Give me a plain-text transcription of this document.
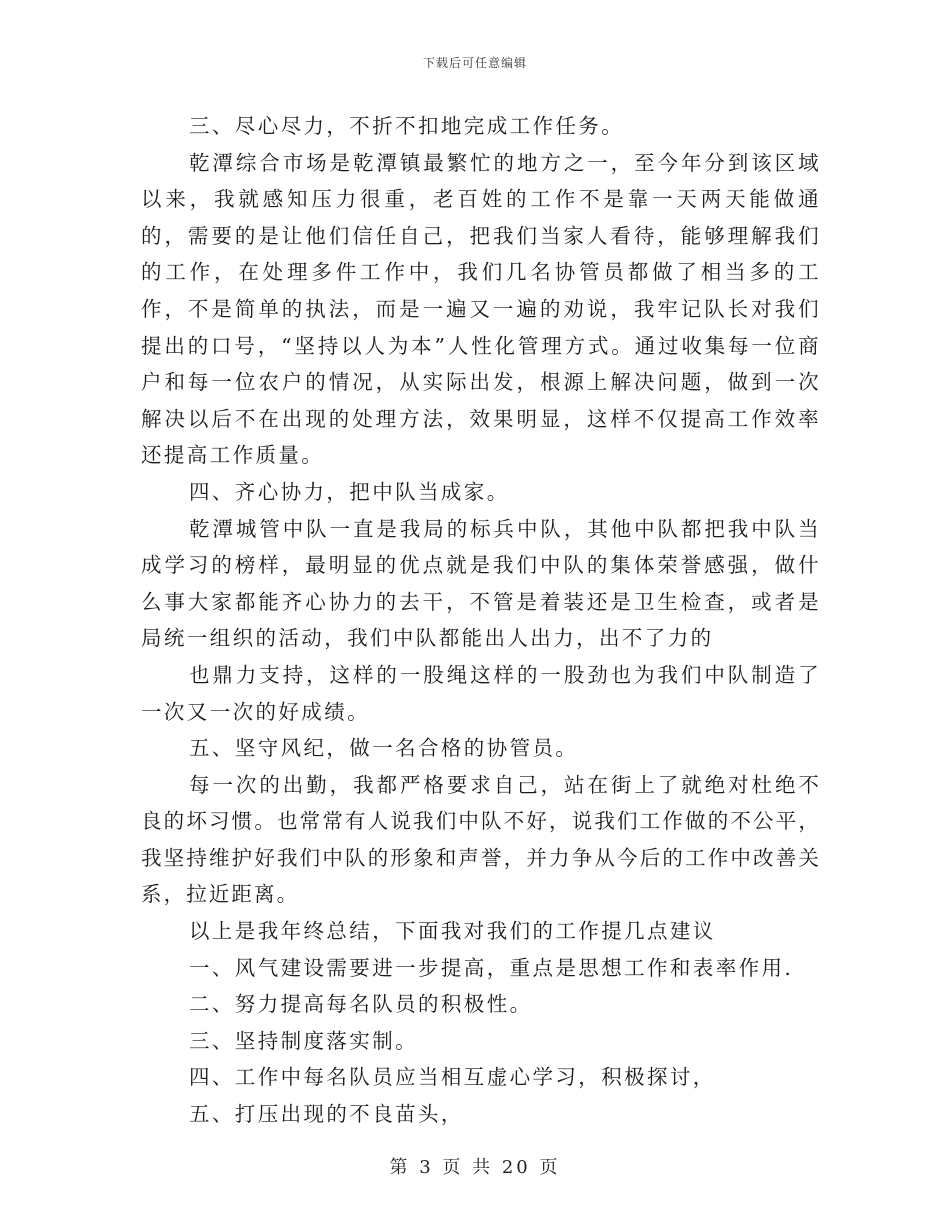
下载后可任意编辑

三、尽心尽力，不折不扣地完成工作任务。

乾潭综合市场是乾潭镇最繁忙的地方之一，至今年分到该区域以来，我就感知压力很重，老百姓的工作不是靠一天两天能做通的，需要的是让他们信任自己，把我们当家人看待，能够理解我们的工作，在处理多件工作中，我们几名协管员都做了相当多的工作，不是简单的执法，而是一遍又一遍的劝说，我牢记队长对我们提出的口号，“坚持以人为本”人性化管理方式。通过收集每一位商户和每一位农户的情况，从实际出发，根源上解决问题，做到一次解决以后不在出现的处理方法，效果明显，这样不仅提高工作效率还提高工作质量。

四、齐心协力，把中队当成家。

乾潭城管中队一直是我局的标兵中队，其他中队都把我中队当成学习的榜样，最明显的优点就是我们中队的集体荣誉感强，做什么事大家都能齐心协力的去干，不管是着装还是卫生检查，或者是局统一组织的活动，我们中队都能出人出力，出不了力的

也鼎力支持，这样的一股绳这样的一股劲也为我们中队制造了一次又一次的好成绩。

五、坚守风纪，做一名合格的协管员。

每一次的出勤，我都严格要求自己，站在街上了就绝对杜绝不良的坏习惯。也常常有人说我们中队不好，说我们工作做的不公平，我坚持维护好我们中队的形象和声誉，并力争从今后的工作中改善关系，拉近距离。

以上是我年终总结，下面我对我们的工作提几点建议

一、风气建设需要进一步提高，重点是思想工作和表率作用.

二、努力提高每名队员的积极性。

三、坚持制度落实制。

四、工作中每名队员应当相互虚心学习，积极探讨，

五、打压出现的不良苗头，

第 3 页 共 20 页
